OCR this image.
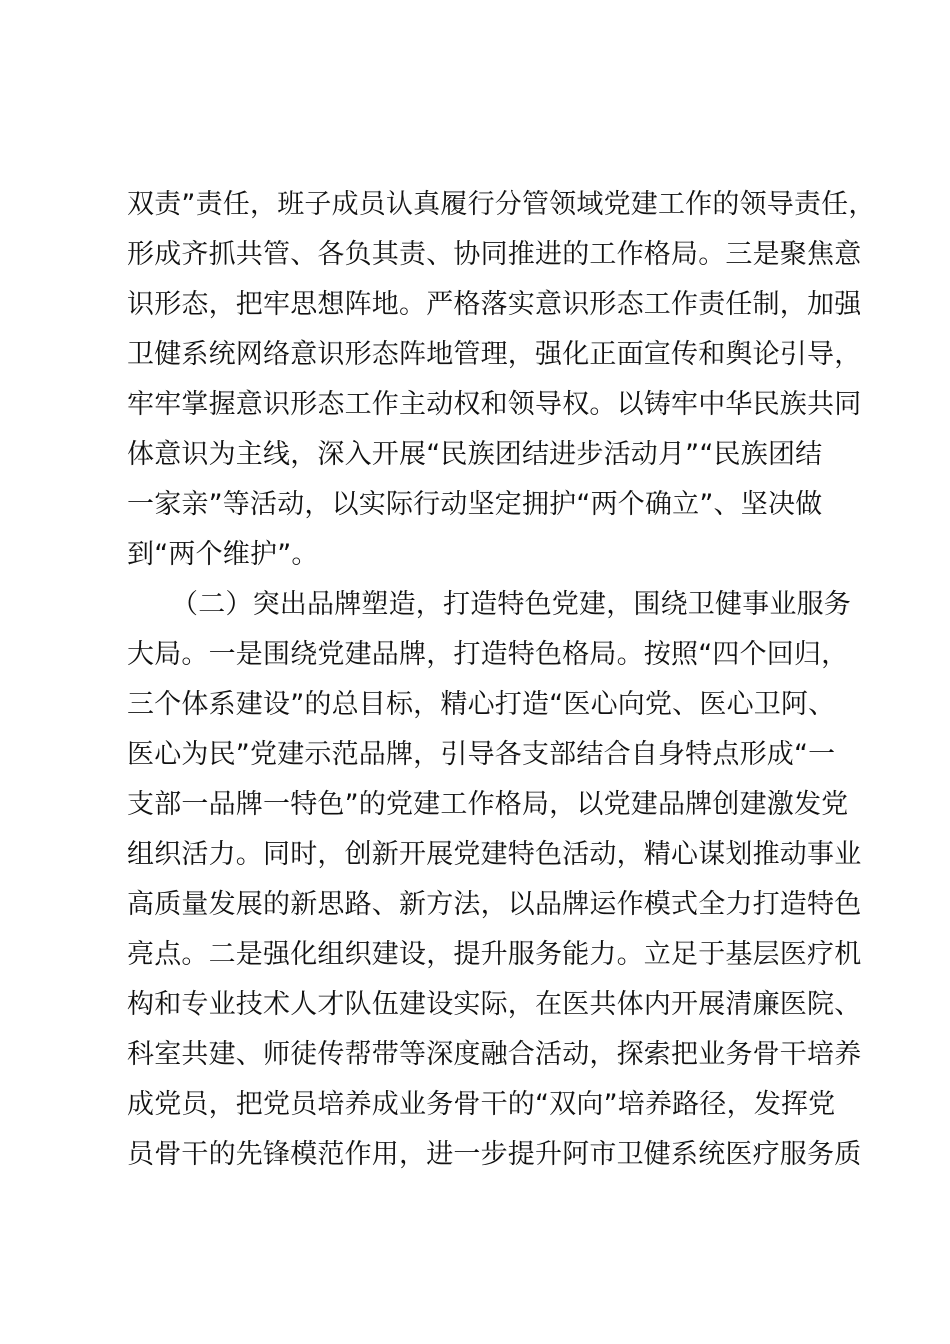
双责”责任，班子成员认真履行分管领域党建工作的领导责任，
形成齐抓共管、各负其责、协同推进的工作格局。三是聚焦意
识形态，把牢思想阵地。严格落实意识形态工作责任制，加强
卫健系统网络意识形态阵地管理，强化正面宣传和舆论引导，
牢牢掌握意识形态工作主动权和领导权。以铸牢中华民族共同
体意识为主线，深入开展“民族团结进步活动月”“民族团结
一家亲”等活动，以实际行动坚定拥护“两个确立”、坚决做
到“两个维护”。
（二）突出品牌塑造，打造特色党建，围绕卫健事业服务
大局。一是围绕党建品牌，打造特色格局。按照“四个回归，
三个体系建设”的总目标，精心打造“医心向党、医心卫阿、
医心为民”党建示范品牌，引导各支部结合自身特点形成“一
支部一品牌一特色”的党建工作格局，以党建品牌创建激发党
组织活力。同时，创新开展党建特色活动，精心谋划推动事业
高质量发展的新思路、新方法，以品牌运作模式全力打造特色
亮点。二是强化组织建设，提升服务能力。立足于基层医疗机
构和专业技术人才队伍建设实际，在医共体内开展清廉医院、
科室共建、师徒传帮带等深度融合活动，探索把业务骨干培养
成党员，把党员培养成业务骨干的“双向”培养路径，发挥党
员骨干的先锋模范作用，进一步提升阿市卫健系统医疗服务质
